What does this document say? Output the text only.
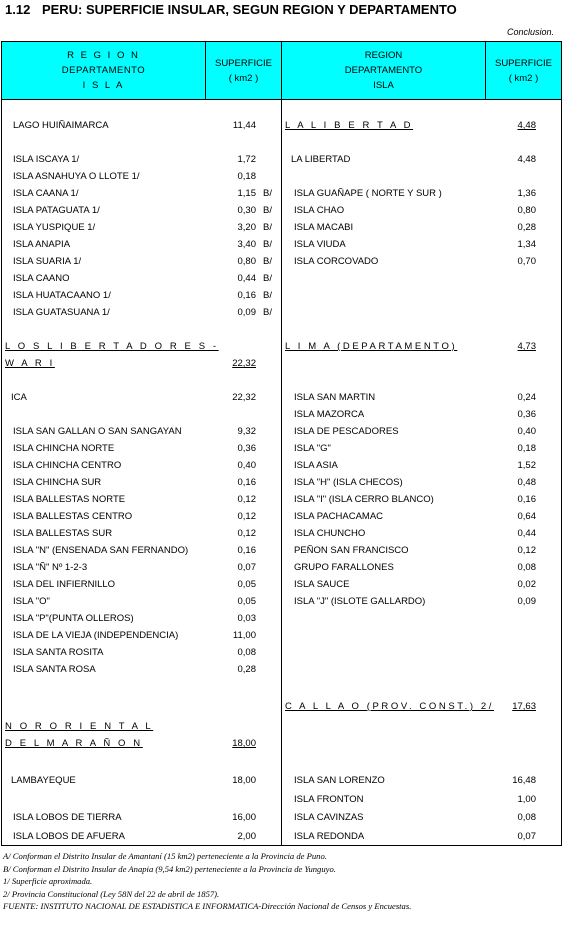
1.12 PERU: SUPERFICIE INSULAR, SEGUN REGION Y DEPARTAMENTO
Conclusion.
R E G I O N
DEPARTAMENTO
I S L A
SUPERFICIE
( km2 )
REGION
DEPARTAMENTO
ISLA
SUPERFICIE
( km2 )
LAGO HUIÑAIMARCA	11,44
ISLA ISCAYA 1/	1,72
ISLA ASNAHUYA O LLOTE 1/	0,18
ISLA CAANA 1/	1,15 B/
ISLA PATAGUATA 1/	0,30 B/
ISLA YUSPIQUE 1/	3,20 B/
ISLA ANAPIA	3,40 B/
ISLA SUARIA 1/	0,80 B/
ISLA CAANO	0,44 B/
ISLA HUATACAANO 1/	0,16 B/
ISLA GUATASUANA 1/	0,09 B/
L O S L I B E R T A D O R E S -
W A R I	22,32
ICA	22,32
ISLA SAN GALLAN O SAN SANGAYAN	9,32
ISLA CHINCHA NORTE	0,36
ISLA CHINCHA CENTRO	0,40
ISLA CHINCHA SUR	0,16
ISLA BALLESTAS NORTE	0,12
ISLA BALLESTAS CENTRO	0,12
ISLA BALLESTAS SUR	0,12
ISLA "N" (ENSENADA SAN FERNANDO)	0,16
ISLA "Ñ" Nº 1-2-3	0,07
ISLA DEL INFIERNILLO	0,05
ISLA "O"	0,05
ISLA "P"(PUNTA OLLEROS)	0,03
ISLA DE LA VIEJA (INDEPENDENCIA)	11,00
ISLA SANTA ROSITA	0,08
ISLA SANTA ROSA	0,28
N O R O R I E N T A L
D E L M A R A Ñ O N	18,00
LAMBAYEQUE	18,00
ISLA LOBOS DE TIERRA	16,00
ISLA LOBOS DE AFUERA	2,00
L A L I B E R T A D	4,48
LA LIBERTAD	4,48
ISLA GUAÑAPE ( NORTE Y SUR )	1,36
ISLA CHAO	0,80
ISLA MACABI	0,28
ISLA VIUDA	1,34
ISLA CORCOVADO	0,70
L I M A (DEPARTAMENTO)	4,73
ISLA SAN MARTIN	0,24
ISLA MAZORCA	0,36
ISLA DE PESCADORES	0,40
ISLA "G"	0,18
ISLA ASIA	1,52
ISLA "H" (ISLA CHECOS)	0,48
ISLA "I" (ISLA CERRO BLANCO)	0,16
ISLA PACHACAMAC	0,64
ISLA CHUNCHO	0,44
PEÑON SAN FRANCISCO	0,12
GRUPO FARALLONES	0,08
ISLA SAUCE	0,02
ISLA "J" (ISLOTE GALLARDO)	0,09
C A L L A O (PROV. CONST.) 2/ 17,63
ISLA SAN LORENZO	16,48
ISLA FRONTON	1,00
ISLA CAVINZAS	0,08
ISLA REDONDA	0,07
A/ Conforman el Distrito Insular de Amantaní (15 km2) perteneciente a la Provincia de Puno.
B/ Conforman el Distrito Insular de Anapia (9,54 km2) perteneciente a la Provincia de Yunguyo.
1/ Superficie aproximada.
2/ Provincia Constitucional (Ley 58N del 22 de abril de 1857).
FUENTE: INSTITUTO NACIONAL DE ESTADISTICA E INFORMATICA-Dirección Nacional de Censos y Encuestas.
